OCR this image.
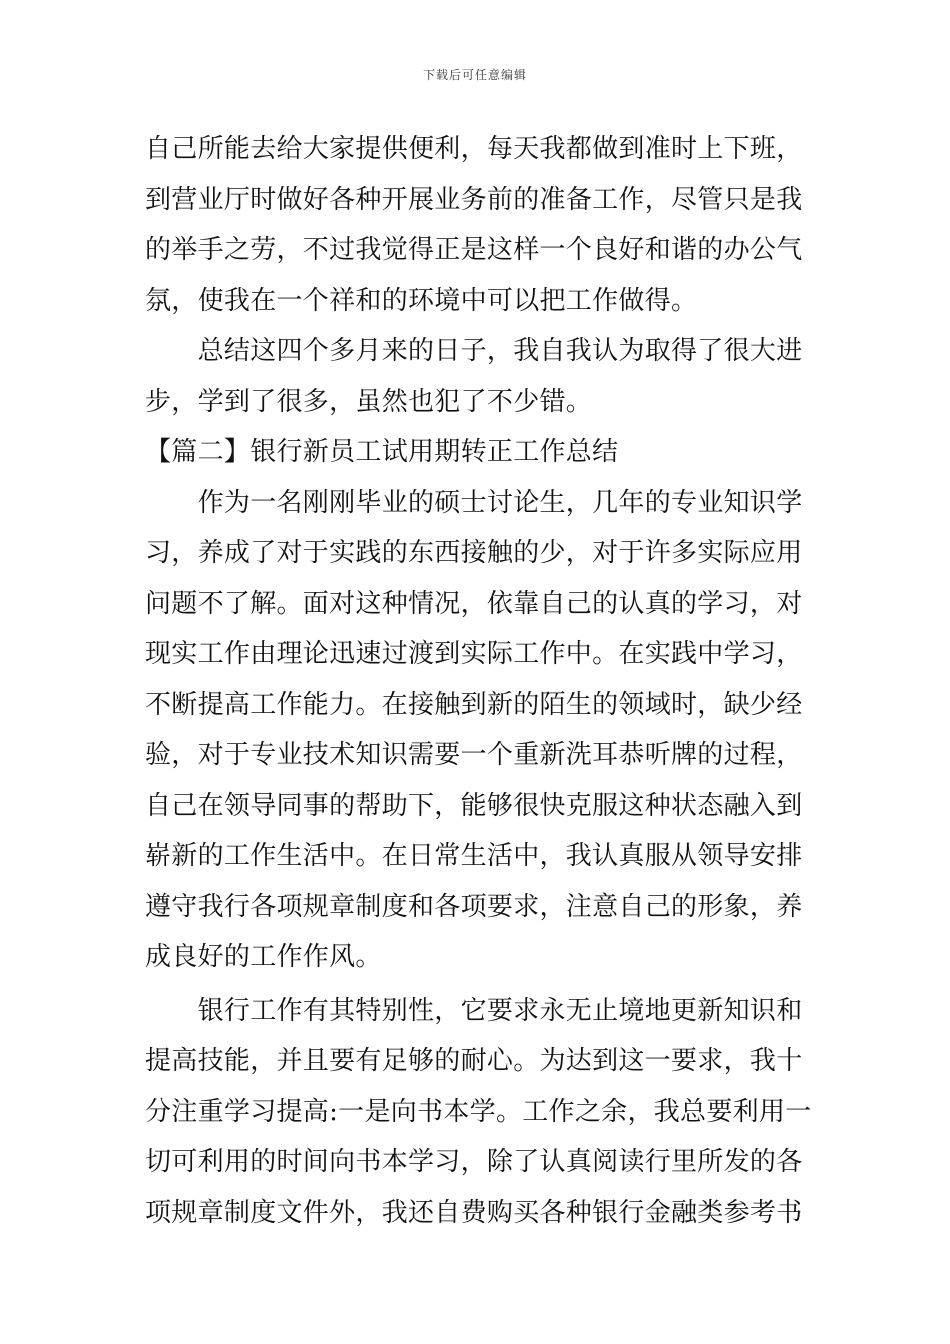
下载后可任意编辑
自己所能去给大家提供便利，每天我都做到准时上下班，
到营业厅时做好各种开展业务前的准备工作，尽管只是我
的举手之劳，不过我觉得正是这样一个良好和谐的办公气
氛，使我在一个祥和的环境中可以把工作做得。
　　总结这四个多月来的日子，我自我认为取得了很大进
步，学到了很多，虽然也犯了不少错。
【篇二】银行新员工试用期转正工作总结
　　作为一名刚刚毕业的硕士讨论生，几年的专业知识学
习，养成了对于实践的东西接触的少，对于许多实际应用
问题不了解。面对这种情况，依靠自己的认真的学习，对
现实工作由理论迅速过渡到实际工作中。在实践中学习，
不断提高工作能力。在接触到新的陌生的领域时，缺少经
验，对于专业技术知识需要一个重新洗耳恭听牌的过程，
自己在领导同事的帮助下，能够很快克服这种状态融入到
崭新的工作生活中。在日常生活中，我认真服从领导安排
遵守我行各项规章制度和各项要求，注意自己的形象，养
成良好的工作作风。
　　银行工作有其特别性，它要求永无止境地更新知识和
提高技能，并且要有足够的耐心。为达到这一要求，我十
分注重学习提高:一是向书本学。工作之余，我总要利用一
切可利用的时间向书本学习，除了认真阅读行里所发的各
项规章制度文件外，我还自费购买各种银行金融类参考书
